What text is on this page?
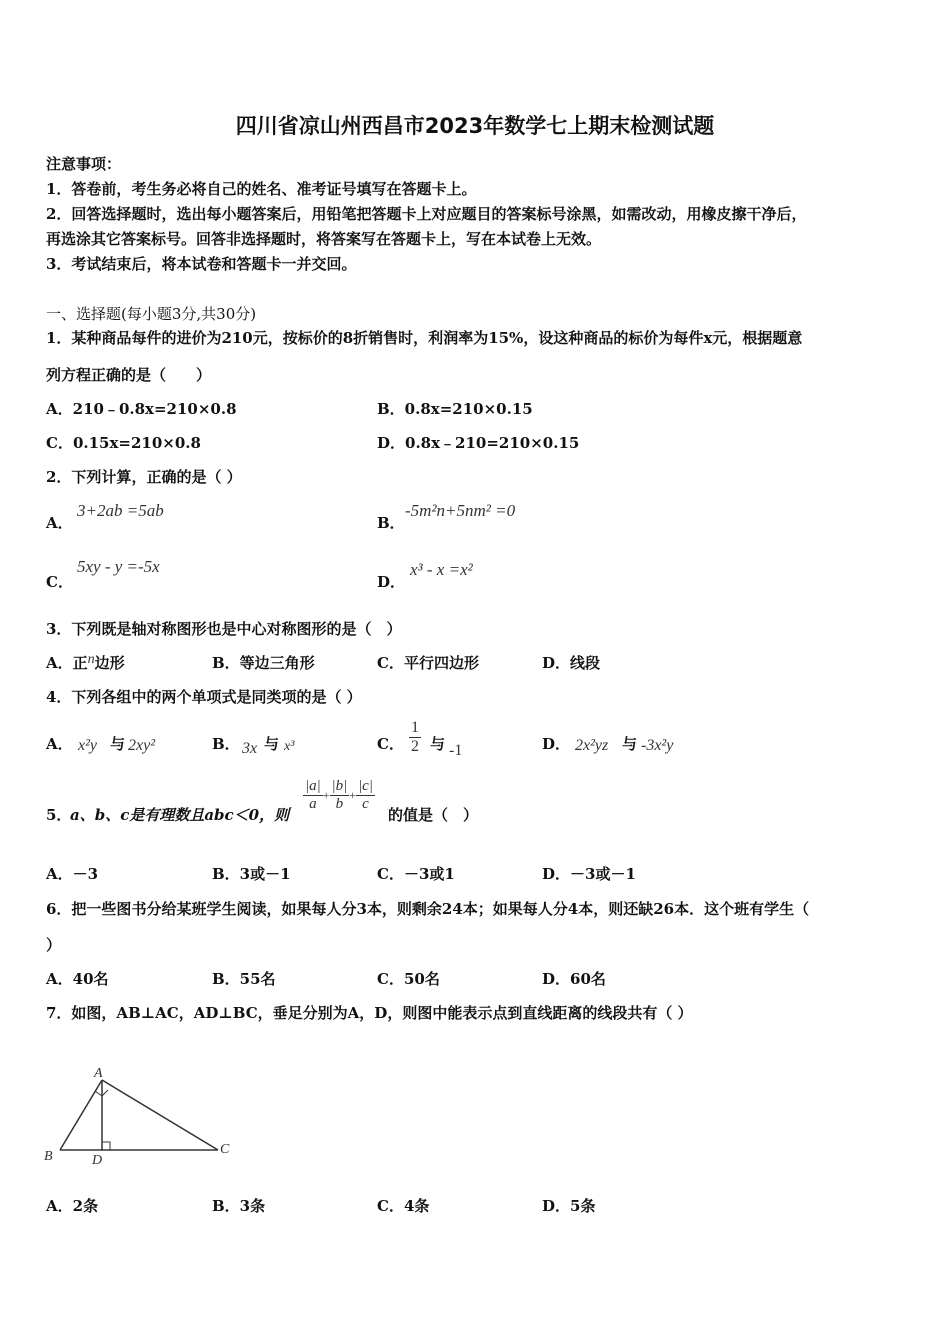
四川省凉山州西昌市2023年数学七上期末检测试题
注意事项：
1．答卷前，考生务必将自己的姓名、准考证号填写在答题卡上。
2．回答选择题时，选出每小题答案后，用铅笔把答题卡上对应题目的答案标号涂黑，如需改动，用橡皮擦干净后，
再选涂其它答案标号。回答非选择题时，将答案写在答题卡上，写在本试卷上无效。
3．考试结束后，将本试卷和答题卡一并交回。
一、选择题(每小题3分,共30分)
1．某种商品每件的进价为210元，按标价的8折销售时，利润率为15%，设这种商品的标价为每件x元，根据题意
列方程正确的是（　　）
A．210﹣0.8x=210×0.8	B．0.8x=210×0.15
C．0.15x=210×0.8	D．0.8x﹣210=210×0.15
2．下列计算，正确的是（ ）
A．
3+2ab =5ab
B．
-5m²n+5nm² =0
C．
5xy - y =-5x
D．
x³ - x =x²
3．下列既是轴对称图形也是中心对称图形的是（　）
A．正n边形	B．等边三角形	C．平行四边形	D．线段
4．下列各组中的两个单项式是同类项的是（ ）
A． x²y 与 2xy²	B． 3x 与 x³	C． $\frac{1}{2}$ 与 -1	D． 2x²yz 与 -3x²y
5．
a、b、c是有理数且abc＜0，则
$\frac{|a|}{a} + \frac{|b|}{b} + \frac{|c|}{c}$
的值是（　）
A．－3	B．3或－1	C．－3或1	D．－3或－1
6．把一些图书分给某班学生阅读，如果每人分3本，则剩余24本；如果每人分4本，则还缺26本．这个班有学生（
）
A．40名	B．55名	C．50名	D．60名
7．如图，AB⊥AC，AD⊥BC，垂足分别为A，D，则图中能表示点到直线距离的线段共有（ ）
A
B	C
D
A．2条	B．3条	C．4条	D．5条
